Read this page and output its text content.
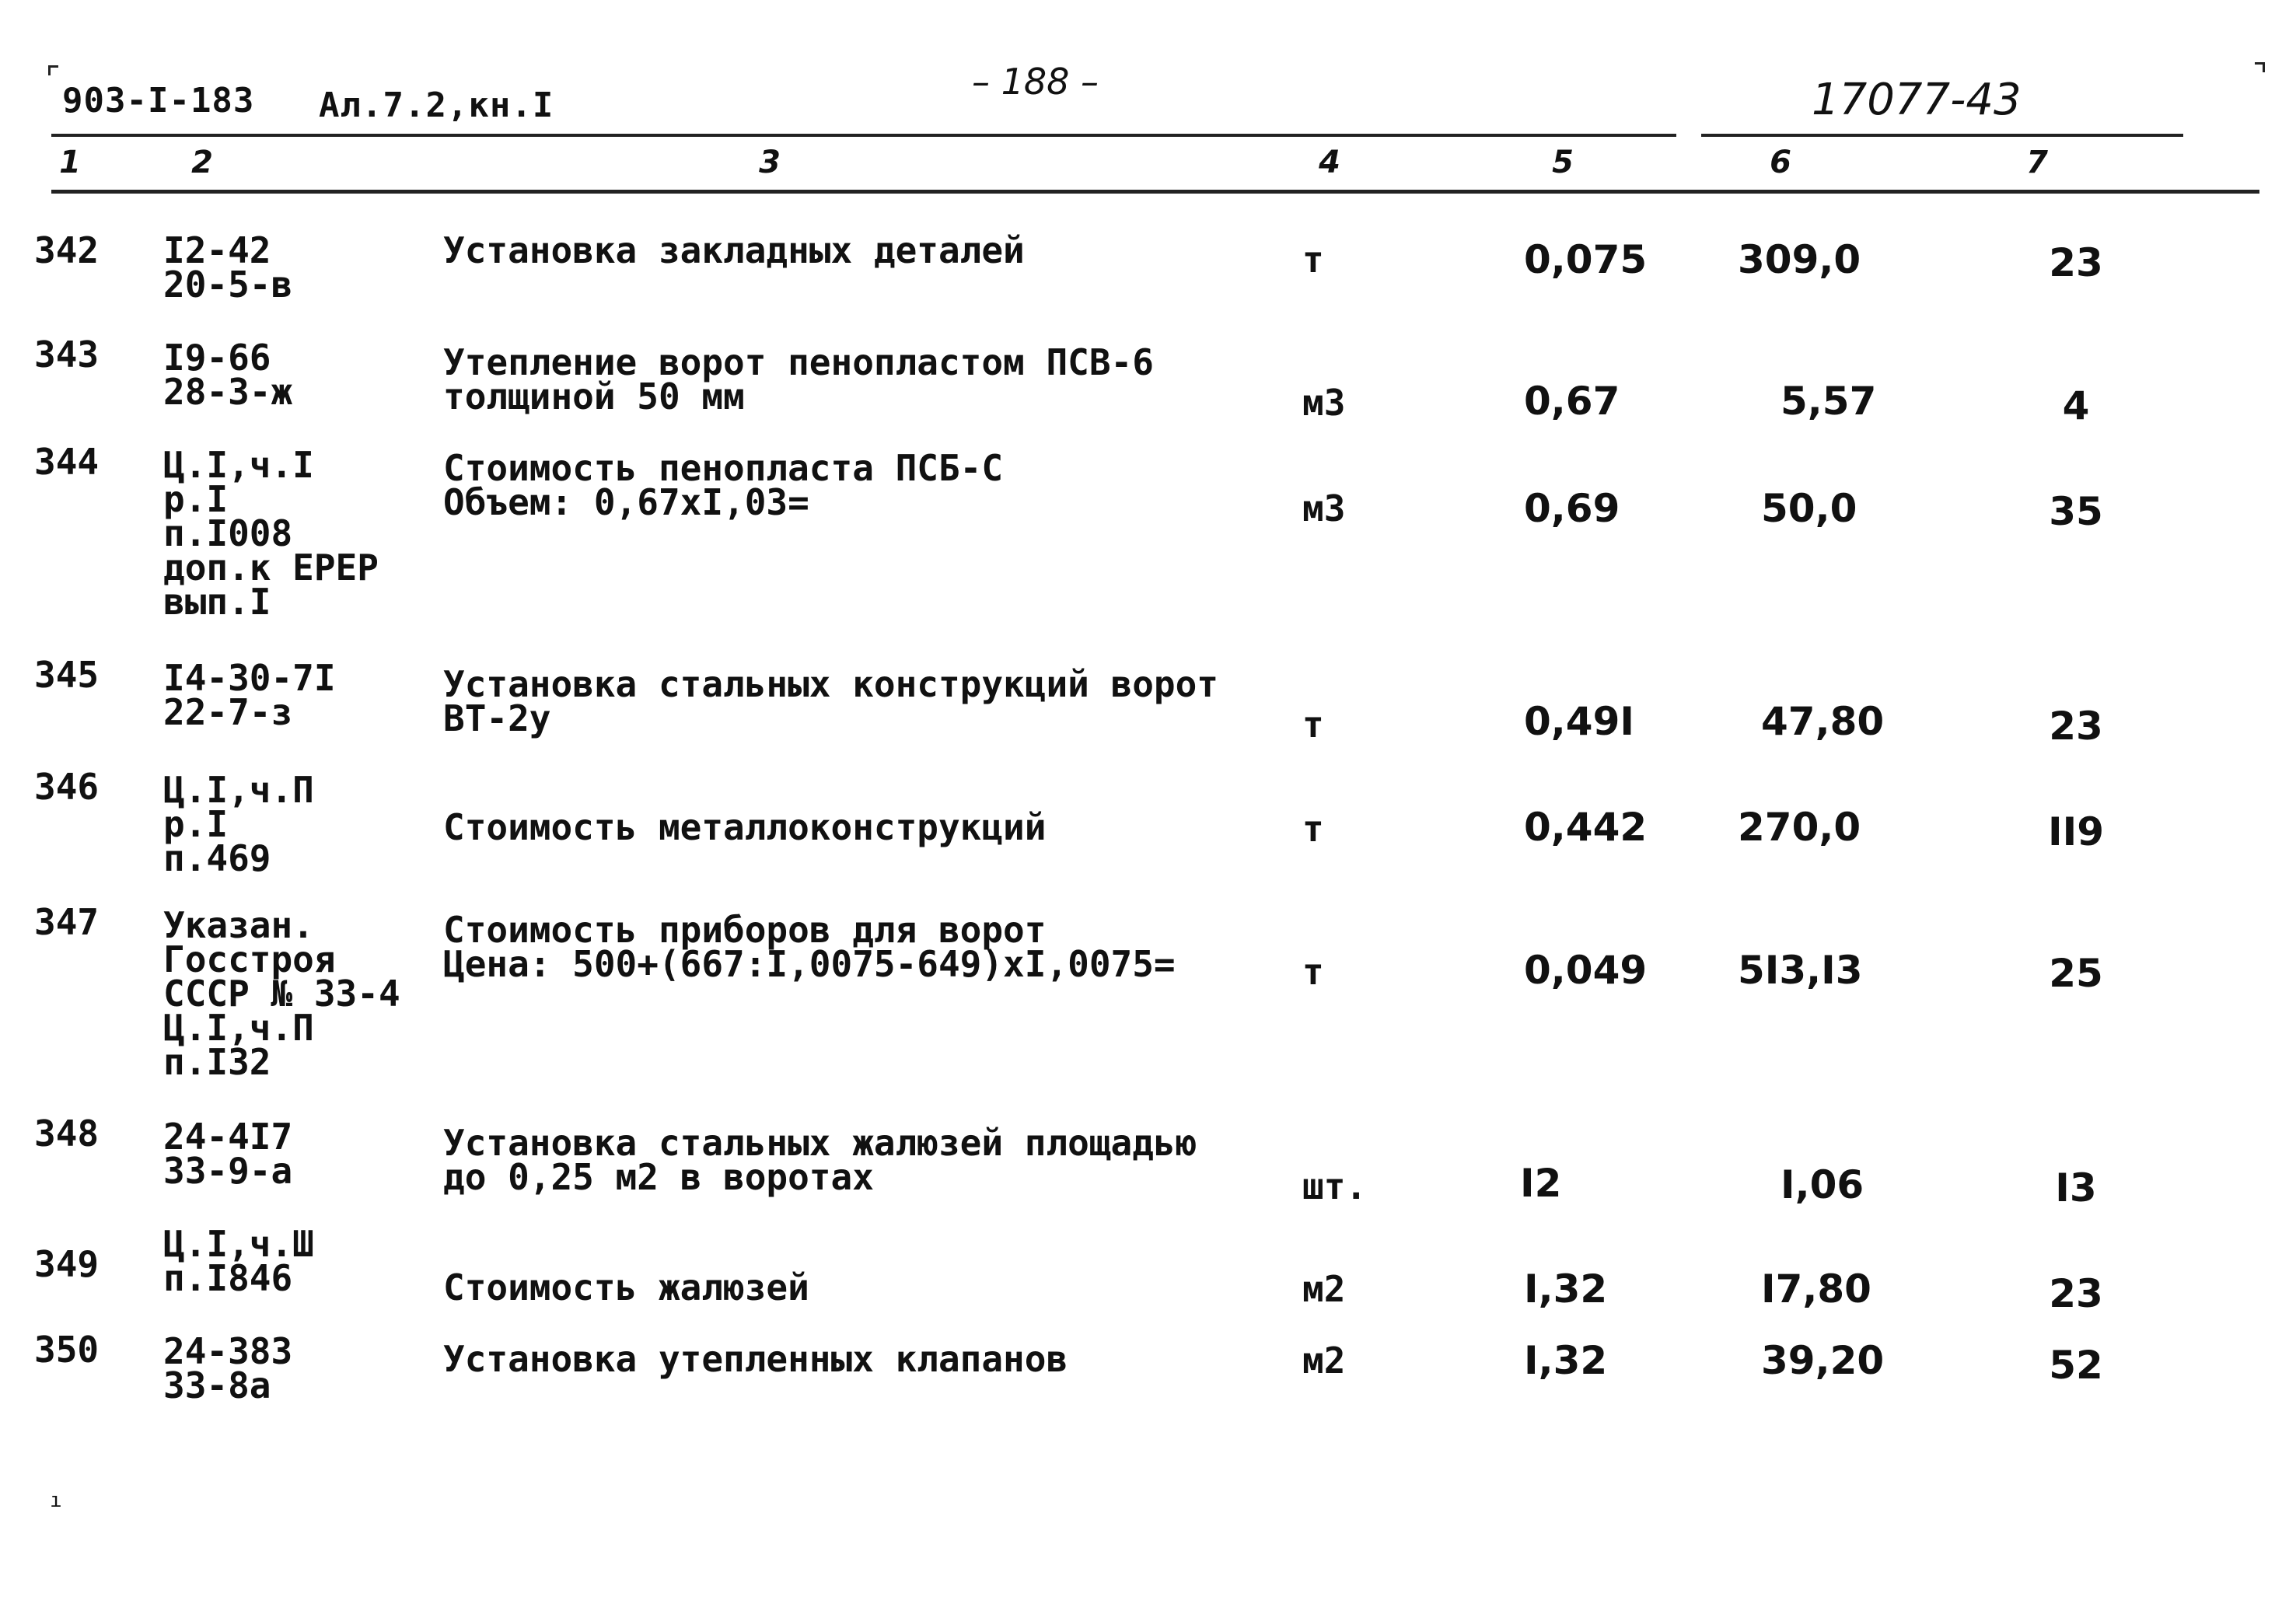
903-I-183 Ал.7.2,кн.I
– 188 –	17077-43
1	2	3	4	5	6	7
342	I2-42
20-5-в
Установка закладных деталей	т	0,075	309,0	23
343	I9-66
28-3-ж
Утепление ворот пенопластом ПСВ-6
толщиной 50 мм	м3	0,67	5,57	4
344	Ц.I,ч.I
р.I
п.I008
доп.к ЕРЕР
вып.I
Стоимость пенопласта ПСБ-С
Объем: 0,67хI,03=	м3	0,69	50,0	35
345	I4-30-7I
22-7-з
Установка стальных конструкций ворот
ВТ-2у	т	0,49I	47,80	23
346	Ц.I,ч.П
р.I
п.469
Стоимость металлоконструкций	т	0,442	270,0	II9
347	Указан.
Госстроя
СССР № 33-4
Ц.I,ч.П
п.I32
Стоимость приборов для ворот
Цена: 500+(667:I,0075-649)хI,0075=	т	0,049	5I3,I3	25
348	24-4I7
33-9-а
Установка стальных жалюзей площадью
до 0,25 м2 в воротах	шт.	I2	I,06	I3
349	Ц.I,ч.Ш
п.I846	Стоимость жалюзей	м2	I,32	I7,80	23
350	24-383
33-8а
Установка утепленных клапанов	м2	I,32	39,20	52
ı
